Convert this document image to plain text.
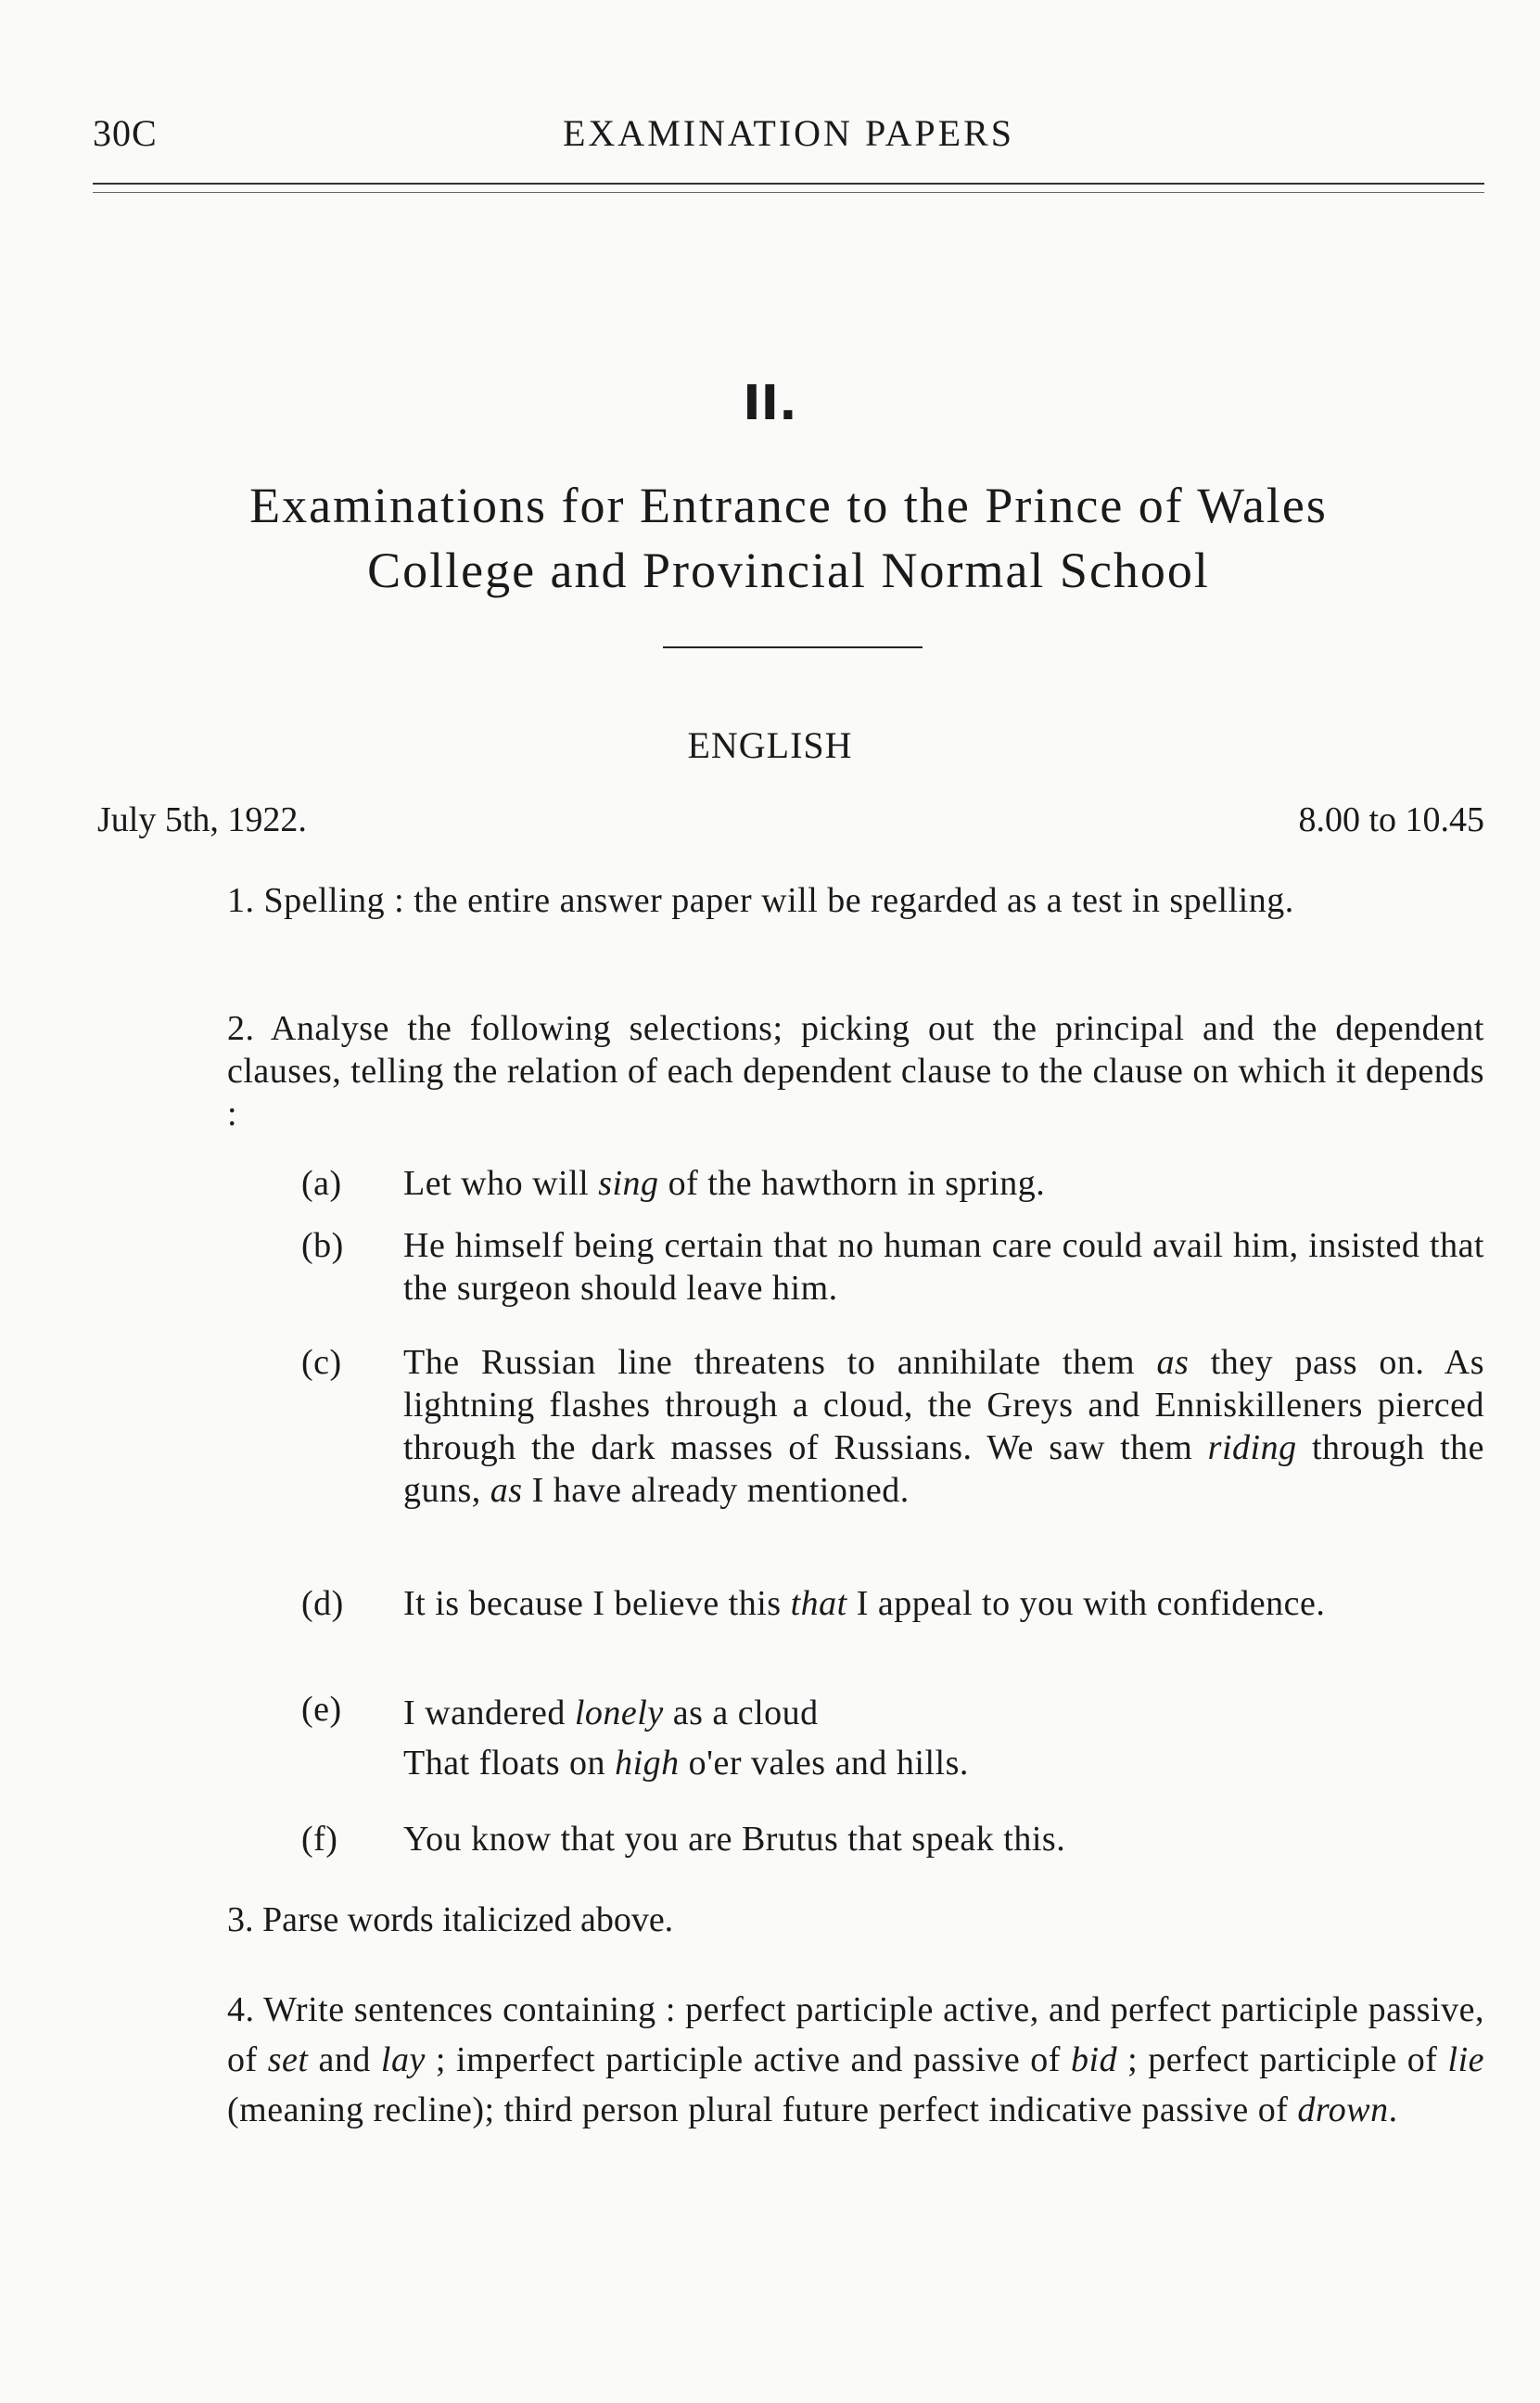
30C	EXAMINATION PAPERS
II.
Examinations for Entrance to the Prince of Wales
College and Provincial Normal School
ENGLISH
July 5th, 1922.	8.00 to 10.45
1. Spelling : the entire answer paper will be regarded as a test in spelling.
2. Analyse the following selections; picking out the principal and the dependent clauses, telling the relation of each dependent clause to the clause on which it depends :
(a)	Let who will sing of the hawthorn in spring.
(b)	He himself being certain that no human care could avail him, insisted that the surgeon should leave him.
(c)	The Russian line threatens to annihilate them as they pass on. As lightning flashes through a cloud, the Greys and Enniskilleners pierced through the dark masses of Russians. We saw them riding through the guns, as I have already mentioned.
(d)	It is because I believe this that I appeal to you with confidence.
(e)	I wandered lonely as a cloud
That floats on high o'er vales and hills.
(f)	You know that you are Brutus that speak this.
3. Parse words italicized above.
4. Write sentences containing : perfect participle active, and perfect participle passive, of set and lay ; imperfect participle active and passive of bid ; perfect participle of lie (meaning recline); third person plural future perfect indicative passive of drown.
